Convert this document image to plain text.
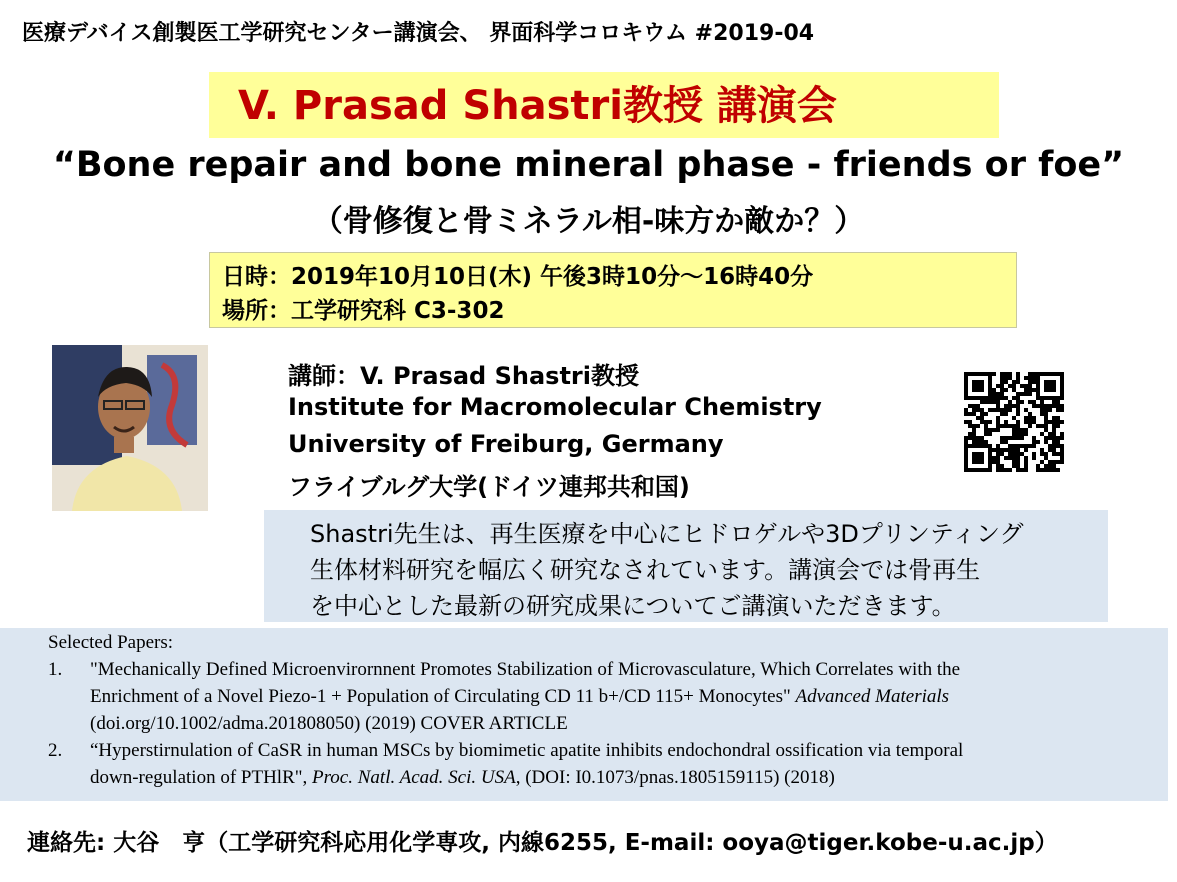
医療デバイス創製医工学研究センター講演会、 界面科学コロキウム #2019-04
V. Prasad Shastri教授 講演会
“Bone repair and bone mineral phase - friends or foe”
（骨修復と骨ミネラル相-味方か敵か？）
日時：2019年10月10日(木) 午後3時10分～16時40分
場所：工学研究科 C3-302
講師：V. Prasad Shastri教授
Institute for Macromolecular Chemistry
University of Freiburg, Germany
フライブルグ大学(ドイツ連邦共和国)
Shastri先生は、再生医療を中心にヒドロゲルや3Dプリンティング
生体材料研究を幅広く研究なされています。講演会では骨再生
を中心とした最新の研究成果についてご講演いただきます。
Selected Papers:
1. "Mechanically Defined Microenvirornnent Promotes Stabilization of Microvasculature, Which Correlates with the
Enrichment of a Novel Piezo-1 + Population of Circulating CD 11 b+/CD 115+ Monocytes" Advanced Materials
(doi.org/10.1002/adma.201808050) (2019) COVER ARTICLE
2. “Hyperstirnulation of CaSR in human MSCs by biomimetic apatite inhibits endochondral ossification via temporal
down-regulation of PTHlR", Proc. Natl. Acad. Sci. USA, (DOI: I0.1073/pnas.1805159115) (2018)
連絡先: 大谷　亨（工学研究科応用化学専攻, 内線6255, E-mail: ooya@tiger.kobe-u.ac.jp）
